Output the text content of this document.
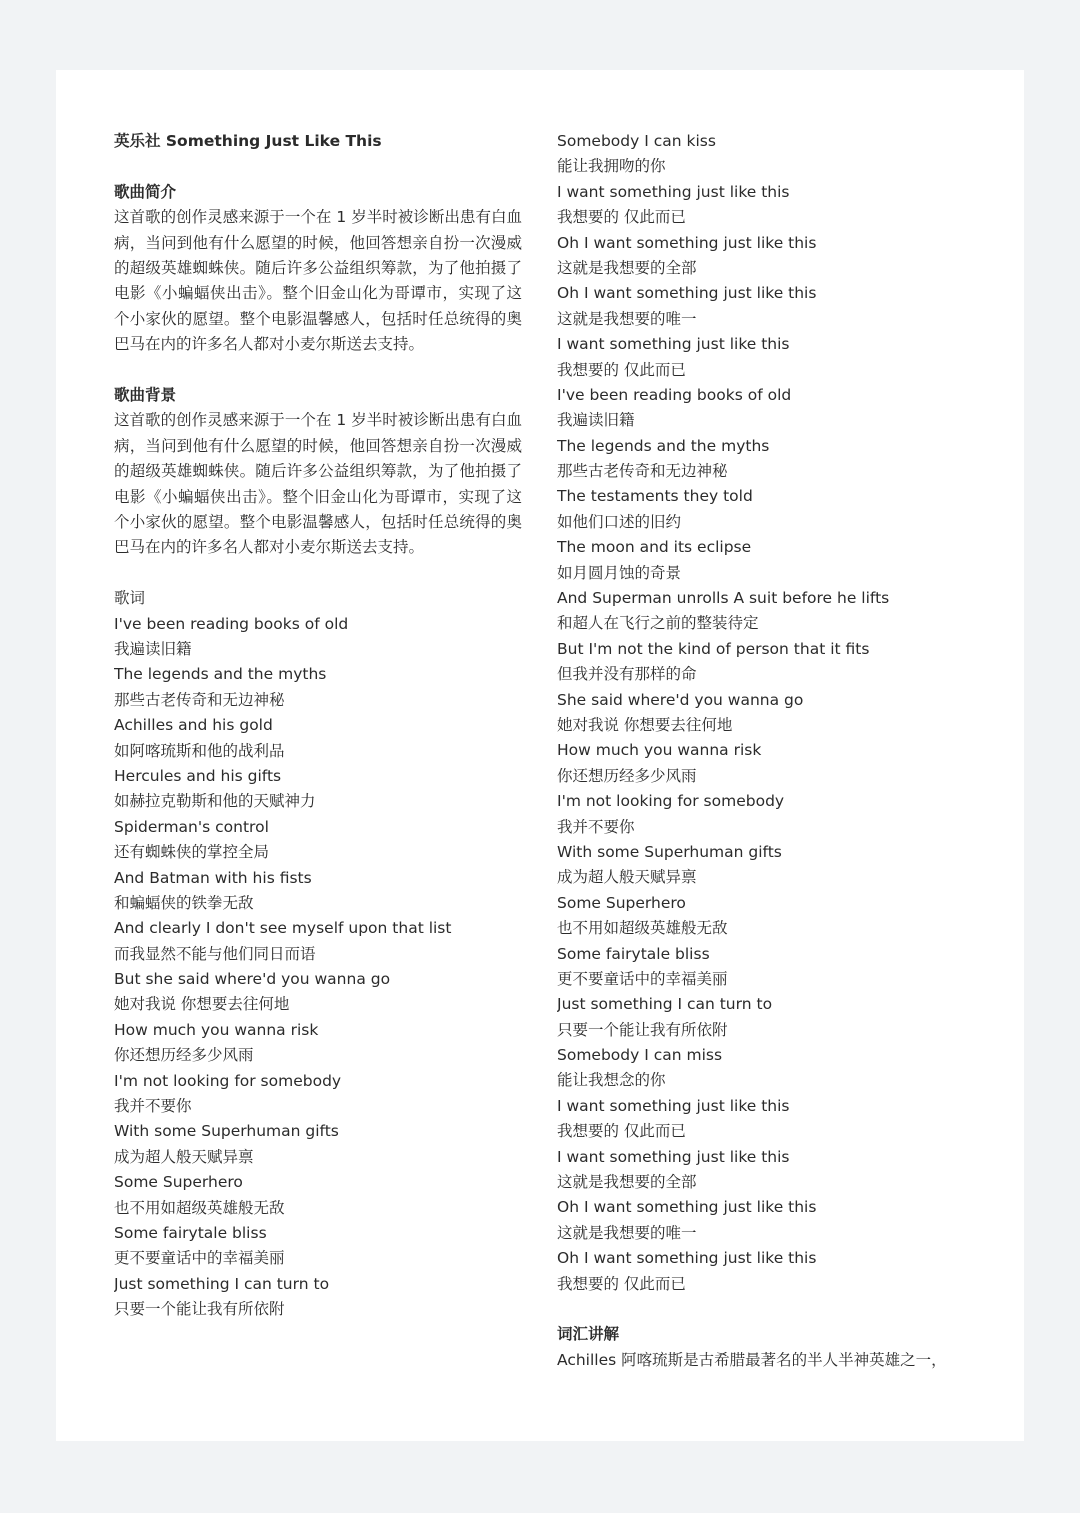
英乐社 Something Just Like This
歌曲简介
这首歌的创作灵感来源于一个在 1 岁半时被诊断出患有白血病，当问到他有什么愿望的时候，他回答想亲自扮一次漫威的超级英雄蜘蛛侠。随后许多公益组织筹款，为了他拍摄了电影《小蝙蝠侠出击》。整个旧金山化为哥谭市，实现了这个小家伙的愿望。整个电影温馨感人，包括时任总统得的奥巴马在内的许多名人都对小麦尔斯送去支持。
歌曲背景
这首歌的创作灵感来源于一个在 1 岁半时被诊断出患有白血病，当问到他有什么愿望的时候，他回答想亲自扮一次漫威的超级英雄蜘蛛侠。随后许多公益组织筹款，为了他拍摄了电影《小蝙蝠侠出击》。整个旧金山化为哥谭市，实现了这个小家伙的愿望。整个电影温馨感人，包括时任总统得的奥巴马在内的许多名人都对小麦尔斯送去支持。
歌词
I've been reading books of old
我遍读旧籍
The legends and the myths
那些古老传奇和无边神秘
Achilles and his gold
如阿喀琉斯和他的战利品
Hercules and his gifts
如赫拉克勒斯和他的天赋神力
Spiderman's control
还有蜘蛛侠的掌控全局
And Batman with his fists
和蝙蝠侠的铁拳无敌
And clearly I don't see myself upon that list
而我显然不能与他们同日而语
But she said where'd you wanna go
她对我说 你想要去往何地
How much you wanna risk
你还想历经多少风雨
I'm not looking for somebody
我并不要你
With some Superhuman gifts
成为超人般天赋异禀
Some Superhero
也不用如超级英雄般无敌
Some fairytale bliss
更不要童话中的幸福美丽
Just something I can turn to
只要一个能让我有所依附
Somebody I can kiss
能让我拥吻的你
I want something just like this
我想要的 仅此而已
Oh I want something just like this
这就是我想要的全部
Oh I want something just like this
这就是我想要的唯一
I want something just like this
我想要的 仅此而已
I've been reading books of old
我遍读旧籍
The legends and the myths
那些古老传奇和无边神秘
The testaments they told
如他们口述的旧约
The moon and its eclipse
如月圆月蚀的奇景
And Superman unrolls A suit before he lifts
和超人在飞行之前的整装待定
But I'm not the kind of person that it fits
但我并没有那样的命
She said where'd you wanna go
她对我说 你想要去往何地
How much you wanna risk
你还想历经多少风雨
I'm not looking for somebody
我并不要你
With some Superhuman gifts
成为超人般天赋异禀
Some Superhero
也不用如超级英雄般无敌
Some fairytale bliss
更不要童话中的幸福美丽
Just something I can turn to
只要一个能让我有所依附
Somebody I can miss
能让我想念的你
I want something just like this
我想要的 仅此而已
I want something just like this
这就是我想要的全部
Oh I want something just like this
这就是我想要的唯一
Oh I want something just like this
我想要的 仅此而已
词汇讲解
Achilles 阿喀琉斯是古希腊最著名的半人半神英雄之一，
